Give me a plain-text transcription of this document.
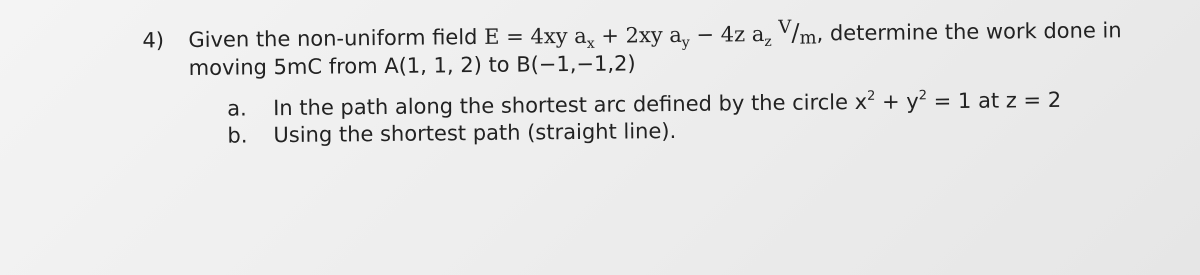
4) Given the non-uniform field E = 4xy $a_x + 2xy$ $a_y - 4z$ $a_z$ V/m, determine the work done in
moving 5mC from A(1, 1, 2) to B(−1,−1,2)
a. In the path along the shortest arc defined by the circle $x^2 + y^2 = 1$ at z = 2
b. Using the shortest path (straight line).
